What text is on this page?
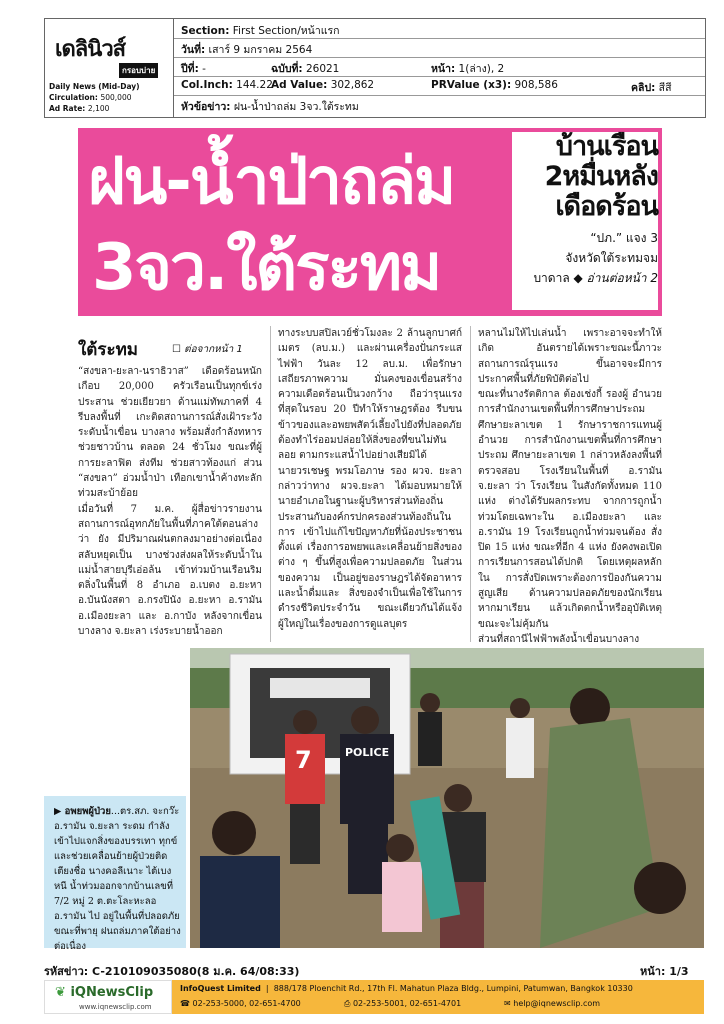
เดลินิวส์
กรอบบ่าย
Daily News (Mid-Day)
Circulation: 500,000
Ad Rate: 2,100
Section: First Section/หน้าแรก
วันที่: เสาร์ 9 มกราคม 2564
ปีที่: -	ฉบับที่: 26021	หน้า: 1(ล่าง), 2
Col.Inch: 144.22
Ad Value: 302,862	PRValue (x3): 908,586	คลิป: สีสี
หัวข้อข่าว: ฝน-น้ำป่าถล่ม 3จว.ใต้ระทม
ฝน-น้ำป่าถล่ม
3จว.ใต้ระทม
บ้านเรือน
2หมื่นหลัง
เดือดร้อน
“ปภ.” แจง 3
จังหวัดใต้ระทมจม
บาดาล ◆ อ่านต่อหน้า 2
ใต้ระทม	☐ ต่อจากหน้า 1
“สงขลา-ยะลา-นราธิวาส” เดือดร้อนหนัก เกือบ 20,000 ครัวเรือนเป็นทุกข์เร่งประสาน ช่วยเยียวยา ด้านแม่ทัพภาคที่ 4 รีบลงพื้นที่ เกะติดสถานการณ์สั่งเฝ้าระวังระดับน้ำเขื่อน บางลาง พร้อมสั่งกำลังทหารช่วยชาวบ้าน ตลอด 24 ชั่วโมง ขณะที่ผู้การยะลาฟิต ส่งทีม ช่วยสาวท้องแก่ ส่วน “สงขลา” อ่วมน้ำป่า เทือกเขาน้ำค้างทะลักท่วมสะบ้าย้อย
เมื่อวันที่ 7 ม.ค. ผู้สื่อข่าวรายงาน สถานการณ์อุทกภัยในพื้นที่ภาคใต้ตอนล่างว่า ยัง มีปริมาณฝนตกลงมาอย่างต่อเนื่องสลับหยุดเป็น บางช่วงส่งผลให้ระดับน้ำในแม่น้ำสายบุรีเอ่อล้น เข้าท่วมบ้านเรือนริมตลิ่งในพื้นที่ 8 อำเภอ อ.เบตง อ.ยะหา อ.บันนังสตา อ.กรงปินัง อ.ยะหา อ.รามัน อ.เมืองยะลา และ อ.กาบัง หลังจากเขื่อนบางลาง จ.ยะลา เร่งระบายน้ำออก
ทางระบบสปิลเวย์ชั่วโมงละ 2 ล้านลูกบาศก์ เมตร (ลบ.ม.) และผ่านเครื่องปั่นกระแสไฟฟ้า วันละ 12 ลบ.ม. เพื่อรักษาเสถียรภาพความ มั่นคงของเขื่อนสร้างความเดือดร้อนเป็นวงกว้าง ถือว่ารุนแรงที่สุดในรอบ 20 ปีทำให้ราษฎรต้อง รีบขนข้าวของและอพยพสัตว์เลี้ยงไปยังที่ปลอดภัย ต้องทำไร่ออมปล่อยให้สิ่งของที่ขนไม่ทันลอย ตามกระแสน้ำไปอย่างเสียมิได้
นายวรเชษฐ พรมโอภาษ รอง ผวจ. ยะลา กล่าวว่าทาง ผวจ.ยะลา ได้มอบหมายให้ นายอำเภอในฐานะผู้บริหารส่วนท้องถิ่น ประสานกับองค์กรปกครองส่วนท้องถิ่นในการ เข้าไปแก้ไขปัญหาภัยที่น้องประชาชนตั้งแต่ เรื่องการอพยพและเคลื่อนย้ายสิ่งของต่าง ๆ ขึ้นที่สูงเพื่อความปลอดภัย ในส่วนของความ เป็นอยู่ของราษฎรได้จัดอาหารและน้ำดื่มและ สิ่งของจำเป็นเพื่อใช้ในการดำรงชีวิตประจำวัน ขณะเดียวกันได้แจ้งผู้ใหญ่ในเรื่องของการดูแลบุตร
หลานไม่ให้ไปเล่นน้ำ เพราะอาจจะทำให้เกิด อันตรายได้เพราะขณะนี้ภาวะสถานการณ์รุนแรง ขึ้นอาจจะมีการประกาศพื้นที่ภัยพิบัติต่อไป
ขณะที่นางรัตติกาล ต้องเช่งกี้ รองผู้ อำนวยการสำนักงานเขตพื้นที่การศึกษาประถม ศึกษายะลาเขต 1 รักษาราชการแทนผู้อำนวย การสำนักงานเขตพื้นที่การศึกษาประถม ศึกษายะลาเขต 1 กล่าวหลังลงพื้นที่ตรวจสอบ โรงเรียนในพื้นที่ อ.รามัน จ.ยะลา ว่า โรงเรียน ในสังกัดทั้งหมด 110 แห่ง ต่างได้รับผลกระทบ จากการถูกน้ำท่วมโดยเฉพาะใน อ.เมืองยะลา และ อ.รามัน 19 โรงเรียนถูกน้ำท่วมจนต้อง สั่งปิด 15 แห่ง ขณะที่อีก 4 แห่ง ยังคงพอเปิด การเรียนการสอนได้ปกติ โดยเหตุผลหลักใน การสั่งปิดเพราะต้องการป้องกันความสูญเสีย ด้านความปลอดภัยของนักเรียน หากมาเรียน แล้วเกิดตกน้ำหรืออุบัติเหตุขณะจะไม่คุ้มกัน
ส่วนที่สถานีไฟฟ้าพลังน้ำเขื่อนบางลาง
7	POLICE
▶ อพยพผู้ป่วย...ตร.สภ. จะกว๊ะ อ.รามัน จ.ยะลา ระดม กำลังเข้าไปแจกสิ่งของบรรเทา ทุกข์และช่วยเคลื่อนย้ายผู้ป่วยติด เตียงชื่อ นางคอลีเนาะ ไต้เบง หนี น้ำท่วมออกจากบ้านเลขที่ 7/2 หมู่ 2 ต.ตะโละหะลอ อ.รามัน ไป อยู่ในพื้นที่ปลอดภัย ขณะที่พายุ ฝนถล่มภาคใต้อย่างต่อเนื่อง
รหัสข่าว: C-210109035080(8 ม.ค. 64/08:33)	หน้า: 1/3
❦ iQNewsClip
www.iqnewsclip.com
InfoQuest Limited  |  888/178 Ploenchit Rd., 17th Fl. Mahatun Plaza Bldg., Lumpini, Patumwan, Bangkok 10330
☎ 02-253-5000, 02-651-4700	⎙ 02-253-5001, 02-651-4701	✉ help@iqnewsclip.com
